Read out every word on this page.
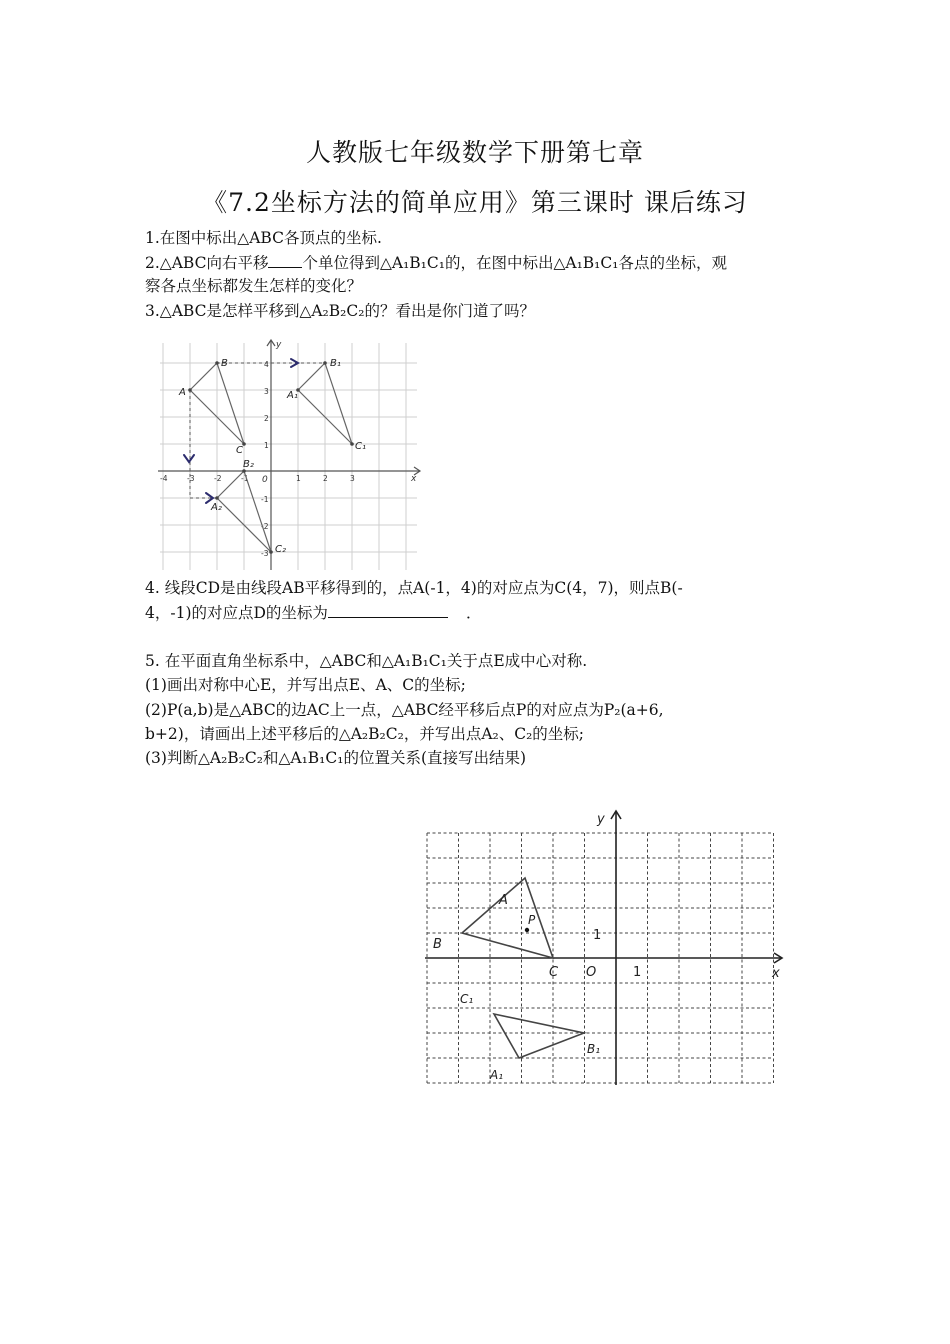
人教版七年级数学下册第七章
《7.2坐标方法的简单应用》第三课时 课后练习
1.在图中标出△ABC各顶点的坐标.
2.△ABC向右平移 个单位得到△A₁B₁C₁的，在图中标出△A₁B₁C₁各点的坐标，观
察各点坐标都发生怎样的变化？
3.△ABC是怎样平移到△A₂B₂C₂的？看出是你门道了吗？
-4	-3	-2	-1	1	2	3
4
3
2
1
-1
-2
-3
x
y
0
A
B
C
A₁
B₁
C₁
A₂
B₂
C₂
4. 线段CD是由线段AB平移得到的，点A(-1，4)的对应点为C(4，7)，则点B(-
4，-1)的对应点D的坐标为	．
5. 在平面直角坐标系中，△ABC和△A₁B₁C₁关于点E成中心对称.
(1)画出对称中心E，并写出点E、A、C的坐标;
(2)P(a,b)是△ABC的边AC上一点，△ABC经平移后点P的对应点为P₂(a+6,
b+2)，请画出上述平移后的△A₂B₂C₂，并写出点A₂、C₂的坐标;
(3)判断△A₂B₂C₂和△A₁B₁C₁的位置关系(直接写出结果)
y
x
O
A
B
C
P
C₁
B₁
A₁
1
1
